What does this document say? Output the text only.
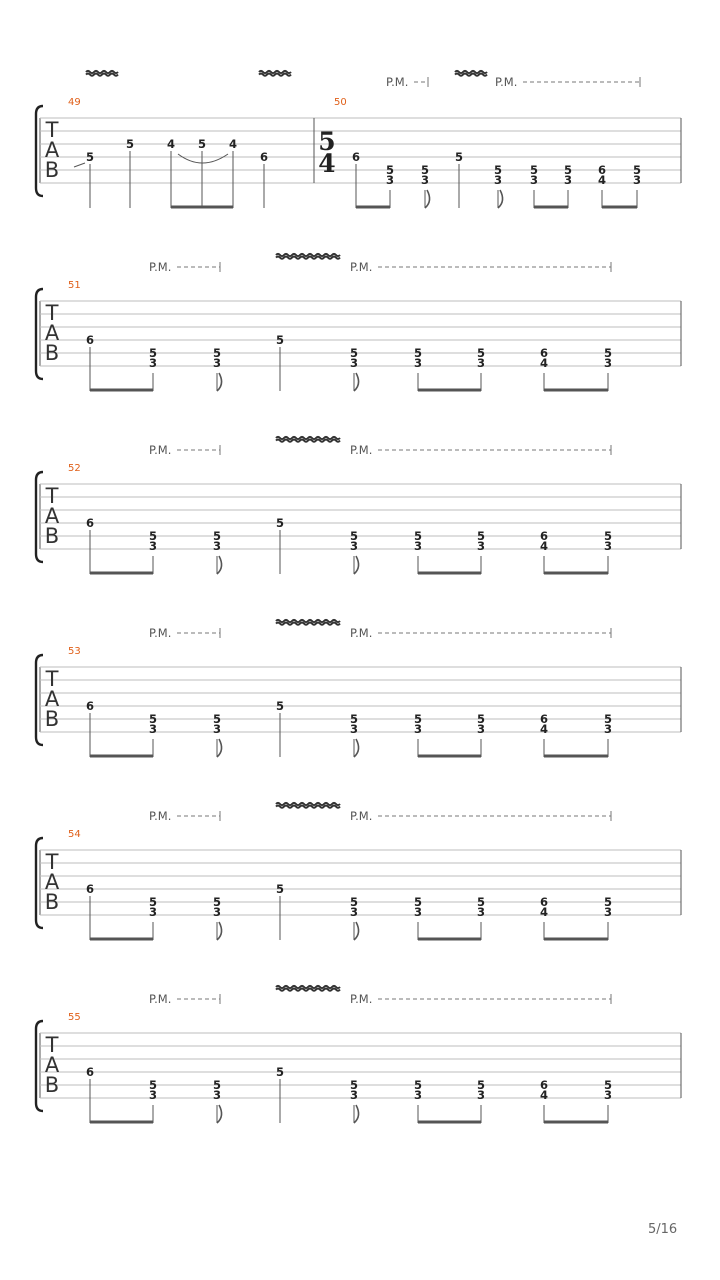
T
A
B
P.M.	P.M.
49	50
5
4
5
5	4 5 4
6	6
5
3
5
3
5
5
3
5
3
5
3
6
4
5
3
T
A
B
P.M.	P.M.
51
6
5
3
5
3
5
5
3
5
3
5
3
6
4
5
3
T
A
B
P.M.	P.M.
52
6
5
3
5
3
5
5
3
5
3
5
3
6
4
5
3
T
A
B
P.M.	P.M.
53
6
5
3
5
3
5
5
3
5
3
5
3
6
4
5
3
T
A
B
P.M.	P.M.
54
6
5
3
5
3
5
5
3
5
3
5
3
6
4
5
3
T
A
B
P.M.	P.M.
55
6
5
3
5
3
5
5
3
5
3
5
3
6
4
5
3
5/16
